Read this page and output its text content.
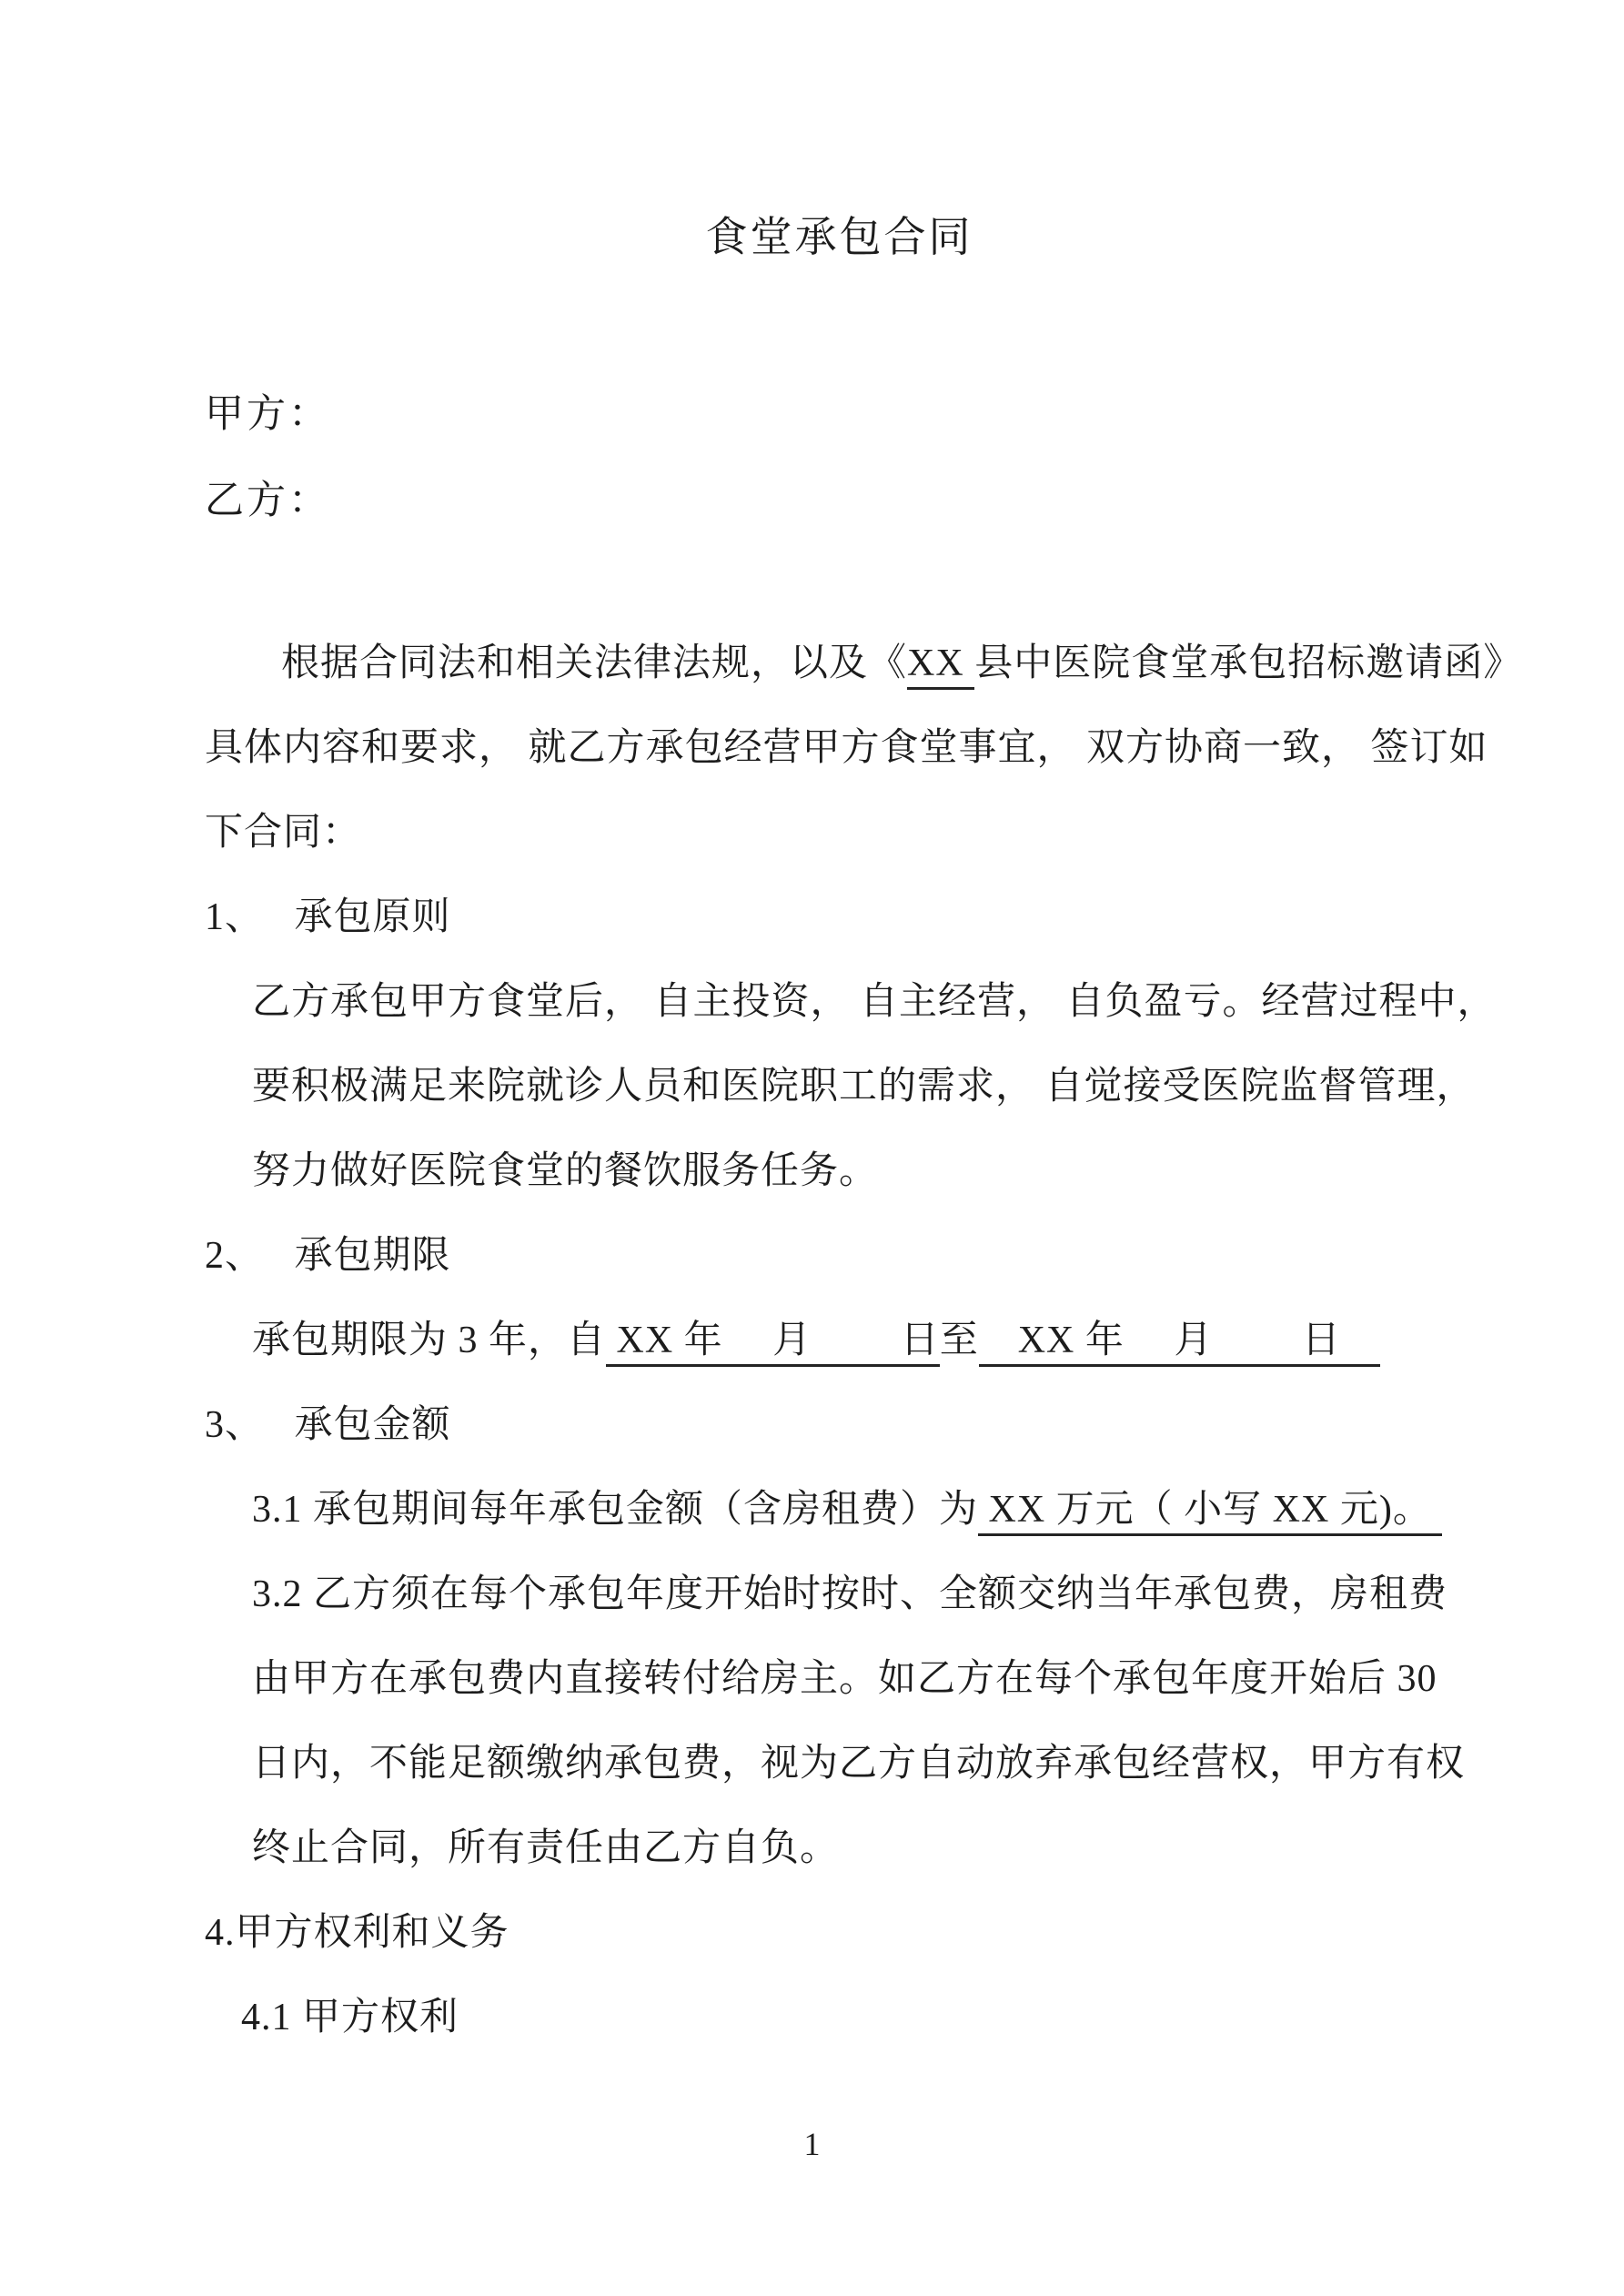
食堂承包合同
甲方：
乙方：
根据合同法和相关法律法规，以及《XX 县中医院食堂承包招标邀请函》
具体内容和要求， 就乙方承包经营甲方食堂事宜， 双方协商一致， 签订如
下合同：
1、　 承包原则
乙方承包甲方食堂后， 自主投资， 自主经营， 自负盈亏。经营过程中，
要积极满足来院就诊人员和医院职工的需求， 自觉接受医院监督管理，
努力做好医院食堂的餐饮服务任务。
2、　 承包期限
承包期限为 3 年，自 XX 年　 月　　 日至　XX 年　 月　　 日　
3、　 承包金额
3.1 承包期间每年承包金额（含房租费）为 XX 万元（ 小写 XX 元)。
3.2 乙方须在每个承包年度开始时按时、全额交纳当年承包费，房租费
由甲方在承包费内直接转付给房主。如乙方在每个承包年度开始后 30
日内，不能足额缴纳承包费，视为乙方自动放弃承包经营权，甲方有权
终止合同，所有责任由乙方自负。
4.甲方权利和义务
4.1 甲方权利
1
